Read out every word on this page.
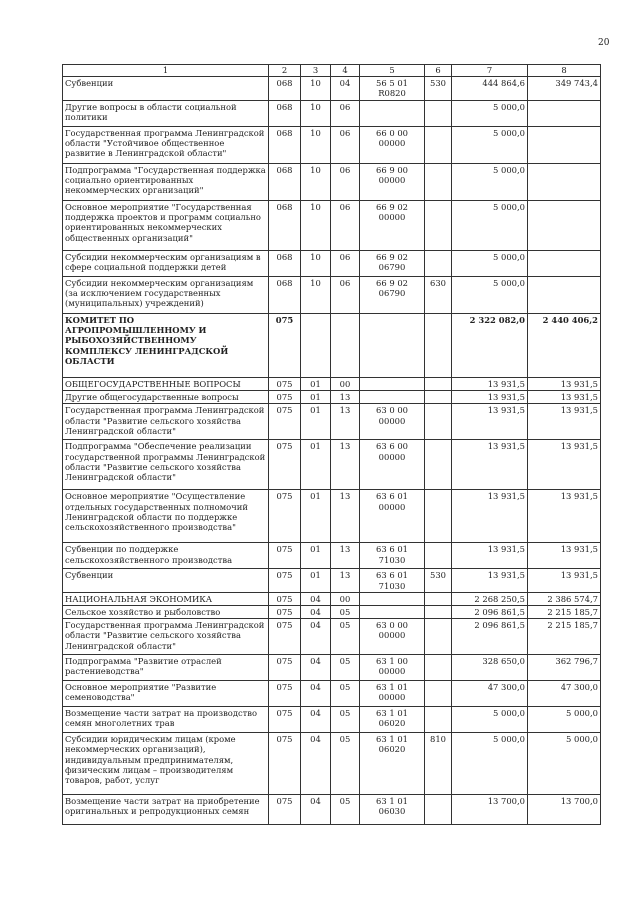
20
1	2	3	4	5	6	7	8
Субвенции	068	10	04	56 5 01 R0820	530	444 864,6	349 743,4
Другие вопросы в области социальной политики	068	10	06			5 000,0	
Государственная программа Ленинградской области "Устойчивое общественное развитие в Ленинградской области"	068	10	06	66 0 00 00000		5 000,0	
Подпрограмма "Государственная поддержка социально ориентированных некоммерческих организаций"	068	10	06	66 9 00 00000		5 000,0	
Основное мероприятие "Государственная поддержка проектов и программ социально ориентированных некоммерческих общественных организаций"	068	10	06	66 9 02 00000		5 000,0	
Субсидии некоммерческим организациям в сфере социальной поддержки детей	068	10	06	66 9 02 06790		5 000,0	
Субсидии некоммерческим организациям (за исключением государственных (муниципальных) учреждений)	068	10	06	66 9 02 06790	630	5 000,0	
КОМИТЕТ ПО АГРОПРОМЫШЛЕННОМУ И РЫБОХОЗЯЙСТВЕННОМУ КОМПЛЕКСУ ЛЕНИНГРАДСКОЙ ОБЛАСТИ	075					2 322 082,0	2 440 406,2
ОБЩЕГОСУДАРСТВЕННЫЕ ВОПРОСЫ	075	01	00			13 931,5	13 931,5
Другие общегосударственные вопросы	075	01	13			13 931,5	13 931,5
Государственная программа Ленинградской области "Развитие сельского хозяйства Ленинградской области"	075	01	13	63 0 00 00000		13 931,5	13 931,5
Подпрограмма "Обеспечение реализации государственной программы Ленинградской области "Развитие сельского хозяйства Ленинградской области"	075	01	13	63 6 00 00000		13 931,5	13 931,5
Основное мероприятие "Осуществление отдельных государственных полномочий Ленинградской области по поддержке сельскохозяйственного производства"	075	01	13	63 6 01 00000		13 931,5	13 931,5
Субвенции по поддержке сельскохозяйственного производства	075	01	13	63 6 01 71030		13 931,5	13 931,5
Субвенции	075	01	13	63 6 01 71030	530	13 931,5	13 931,5
НАЦИОНАЛЬНАЯ ЭКОНОМИКА	075	04	00			2 268 250,5	2 386 574,7
Сельское хозяйство и рыболовство	075	04	05			2 096 861,5	2 215 185,7
Государственная программа Ленинградской области "Развитие сельского хозяйства Ленинградской области"	075	04	05	63 0 00 00000		2 096 861,5	2 215 185,7
Подпрограмма "Развитие отраслей растениеводства"	075	04	05	63 1 00 00000		328 650,0	362 796,7
Основное мероприятие "Развитие семеноводства"	075	04	05	63 1 01 00000		47 300,0	47 300,0
Возмещение части затрат на производство семян многолетних трав	075	04	05	63 1 01 06020		5 000,0	5 000,0
Субсидии юридическим лицам (кроме некоммерческих организаций), индивидуальным предпринимателям, физическим лицам – производителям товаров, работ, услуг	075	04	05	63 1 01 06020	810	5 000,0	5 000,0
Возмещение части затрат на приобретение оригинальных и репродукционных семян	075	04	05	63 1 01 06030		13 700,0	13 700,0
